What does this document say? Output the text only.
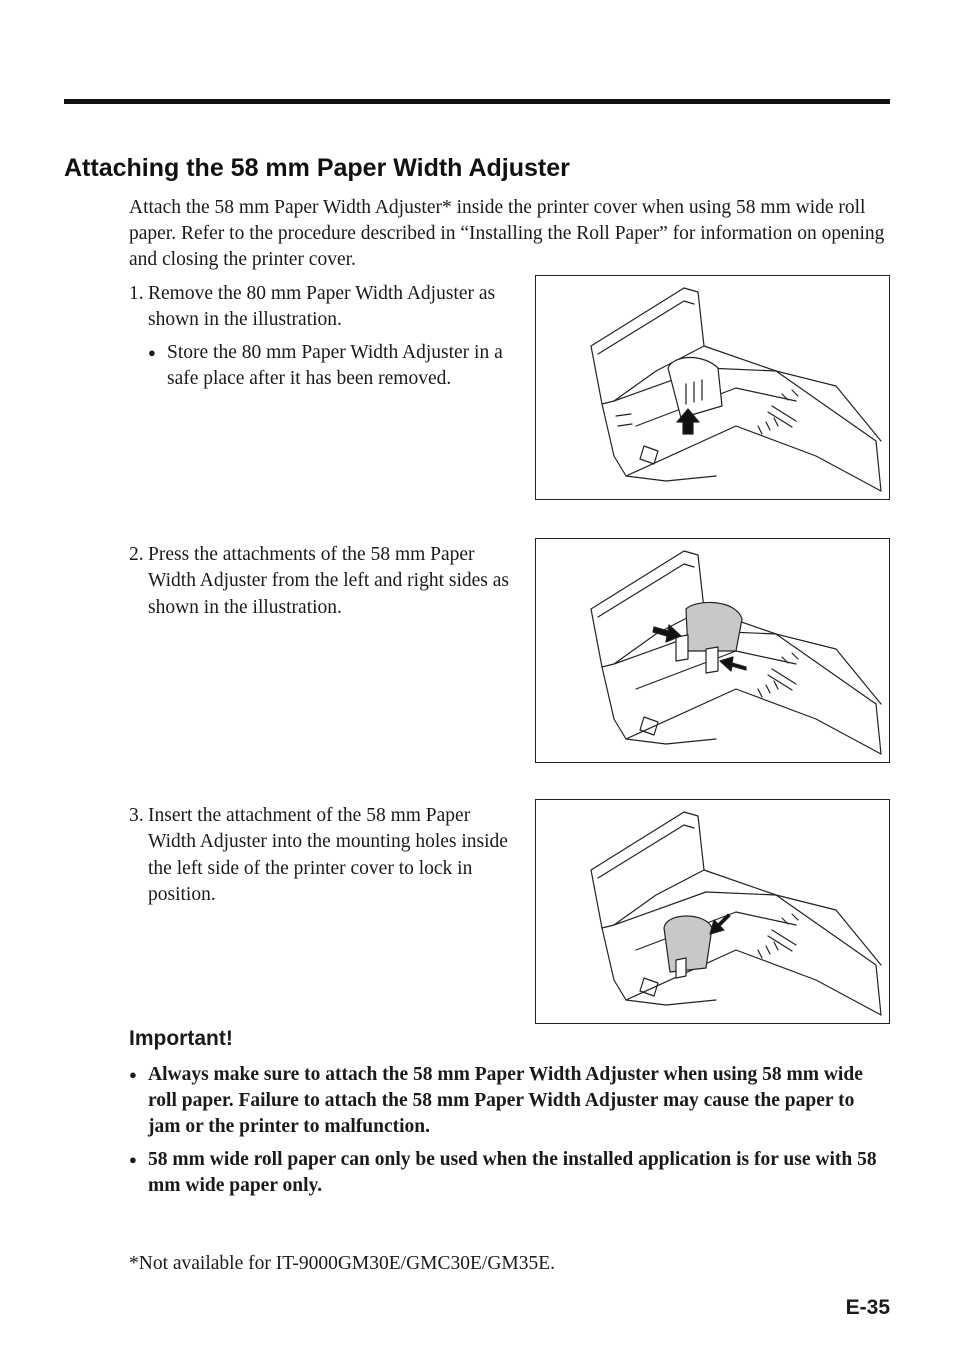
Attaching the 58 mm Paper Width Adjuster
Attach the 58 mm Paper Width Adjuster* inside the printer cover when using 58 mm wide roll paper. Refer to the procedure described in “Installing the Roll Paper” for information on opening and closing the printer cover.
1. Remove the 80 mm Paper Width Adjuster as shown in the illustration.
● Store the 80 mm Paper Width Adjuster in a safe place after it has been removed.
2. Press the attachments of the 58 mm Paper Width Adjuster from the left and right sides as shown in the illustration.
3. Insert the attachment of the 58 mm Paper Width Adjuster into the mounting holes inside the left side of the printer cover to lock in position.
Important!
● Always make sure to attach the 58 mm Paper Width Adjuster when using 58 mm wide roll paper. Failure to attach the 58 mm Paper Width Adjuster may cause the paper to jam or the printer to malfunction.
● 58 mm wide roll paper can only be used when the installed application is for use with 58 mm wide paper only.
*Not available for IT-9000GM30E/GMC30E/GM35E.
E-35
